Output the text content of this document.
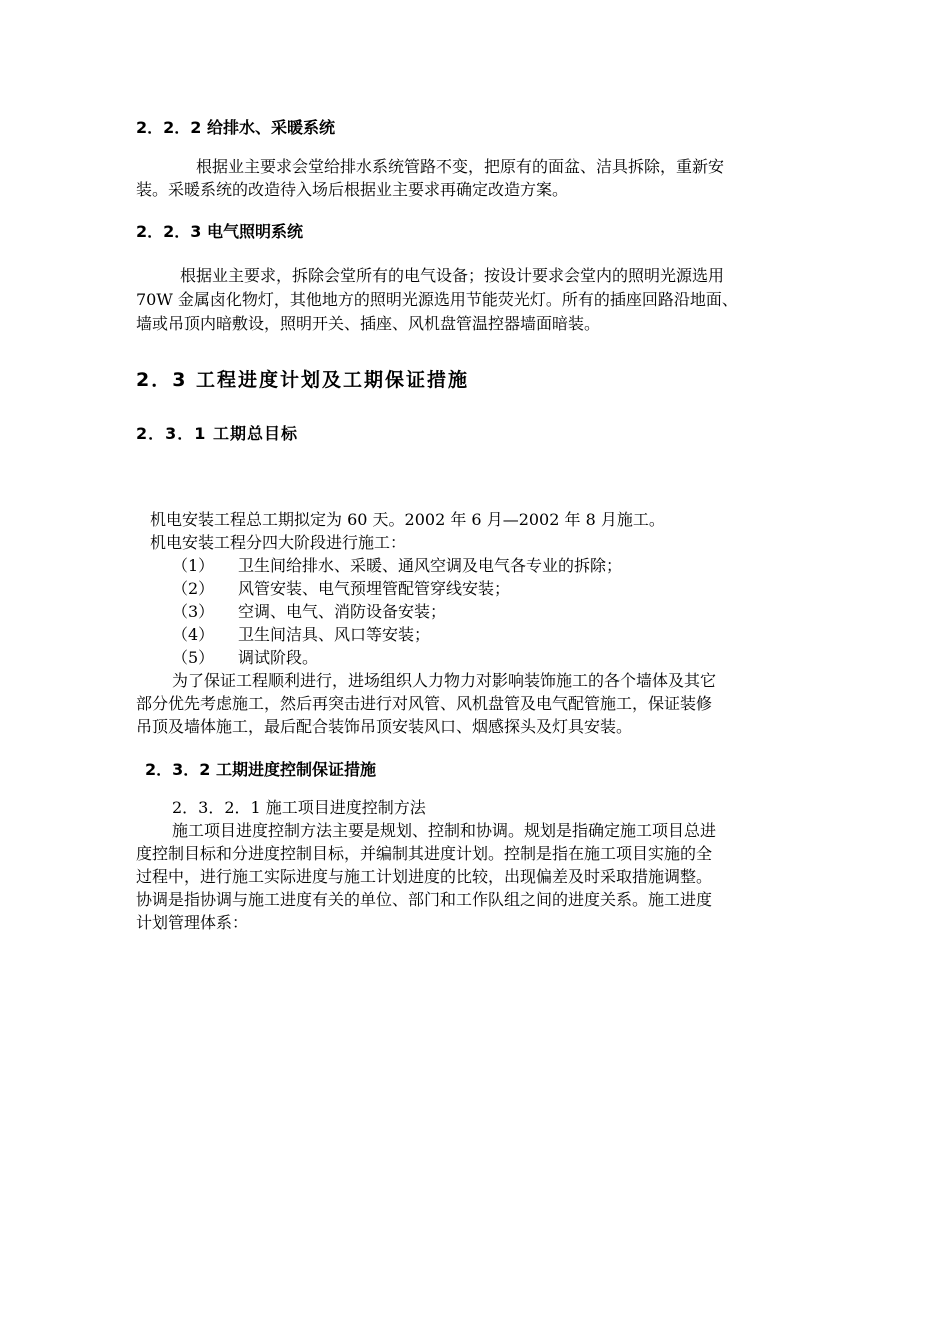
2．2．2 给排水、采暖系统
根据业主要求会堂给排水系统管路不变，把原有的面盆、洁具拆除，重新安
装。采暖系统的改造待入场后根据业主要求再确定改造方案。
2．2．3 电气照明系统
根据业主要求，拆除会堂所有的电气设备；按设计要求会堂内的照明光源选用
70W 金属卤化物灯，其他地方的照明光源选用节能荧光灯。所有的插座回路沿地面、
墙或吊顶内暗敷设，照明开关、插座、风机盘管温控器墙面暗装。
2．3 工程进度计划及工期保证措施
2．3．1 工期总目标
机电安装工程总工期拟定为 60 天。2002 年 6 月—2002 年 8 月施工。
机电安装工程分四大阶段进行施工：
（1） 卫生间给排水、采暖、通风空调及电气各专业的拆除；
（2） 风管安装、电气预埋管配管穿线安装；
（3） 空调、电气、消防设备安装；
（4） 卫生间洁具、风口等安装；
（5） 调试阶段。
为了保证工程顺利进行，进场组织人力物力对影响装饰施工的各个墙体及其它
部分优先考虑施工，然后再突击进行对风管、风机盘管及电气配管施工，保证装修
吊顶及墙体施工，最后配合装饰吊顶安装风口、烟感探头及灯具安装。
2．3．2 工期进度控制保证措施
2．3．2．1 施工项目进度控制方法
施工项目进度控制方法主要是规划、控制和协调。规划是指确定施工项目总进
度控制目标和分进度控制目标，并编制其进度计划。控制是指在施工项目实施的全
过程中，进行施工实际进度与施工计划进度的比较，出现偏差及时采取措施调整。
协调是指协调与施工进度有关的单位、部门和工作队组之间的进度关系。施工进度
计划管理体系：
